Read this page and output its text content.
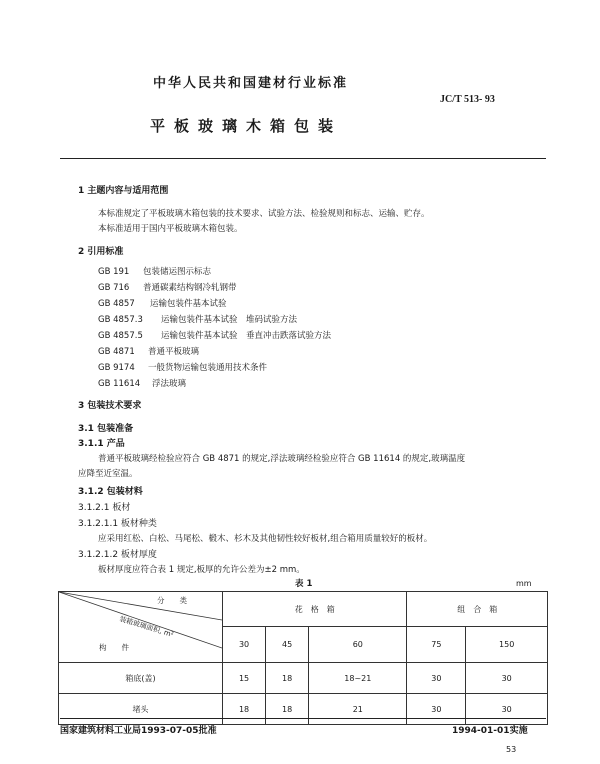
中华人民共和国建材行业标准
JC/T 513- 93
平板玻璃木箱包装
1 主题内容与适用范围
本标准规定了平板玻璃木箱包装的技术要求、试验方法、检验规则和标志、运输、贮存。
本标准适用于国内平板玻璃木箱包装。
2 引用标准
GB 191 包装储运图示标志
GB 716 普通碳素结构钢冷轧钢带
GB 4857 运输包装件基本试验
GB 4857.3 运输包装件基本试验　堆码试验方法
GB 4857.5 运输包装件基本试验　垂直冲击跌落试验方法
GB 4871 普通平板玻璃
GB 9174 一般货物运输包装通用技术条件
GB 11614 浮法玻璃
3 包装技术要求
3.1 包装准备
3.1.1 产品
普通平板玻璃经检验应符合 GB 4871 的规定,浮法玻璃经检验应符合 GB 11614 的规定,玻璃温度
应降至近室温。
3.1.2 包装材料
3.1.2.1 板材
3.1.2.1.1 板材种类
应采用红松、白松、马尾松、椴木、杉木及其他韧性较好板材,组合箱用质量较好的板材。
3.1.2.1.2 板材厚度
板材厚度应符合表 1 规定,板厚的允许公差为±2 mm。
表 1	mm
分　　类
装箱玻璃面积, m²
构　　件	花　格　箱			组　合　箱	
	30	45	60	75	150
箱底(盖)	15	18	18~21	30	30
堵头	18	18	21	30	30
国家建筑材料工业局1993-07-05批准	1994-01-01实施
53
